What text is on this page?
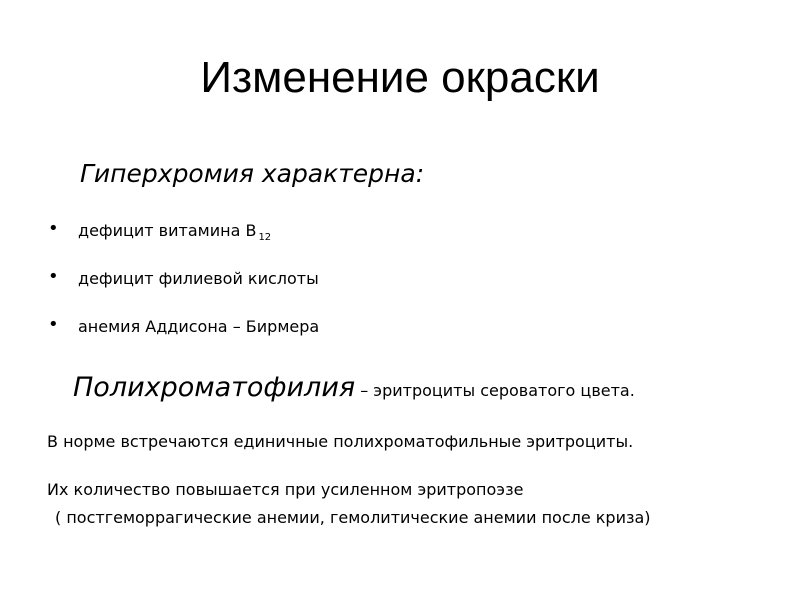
Изменение окраски

Гиперхромия характерна:

• дефицит витамина В $_{12}$
• дефицит филиевой кислоты
• анемия Аддисона – Бирмера

Полихроматофилия – эритроциты сероватого цвета.

В норме встречаются единичные полихроматофильные эритроциты.

Их количество повышается при усиленном эритропоэзе

( постгеморрагические анемии, гемолитические анемии после криза)
